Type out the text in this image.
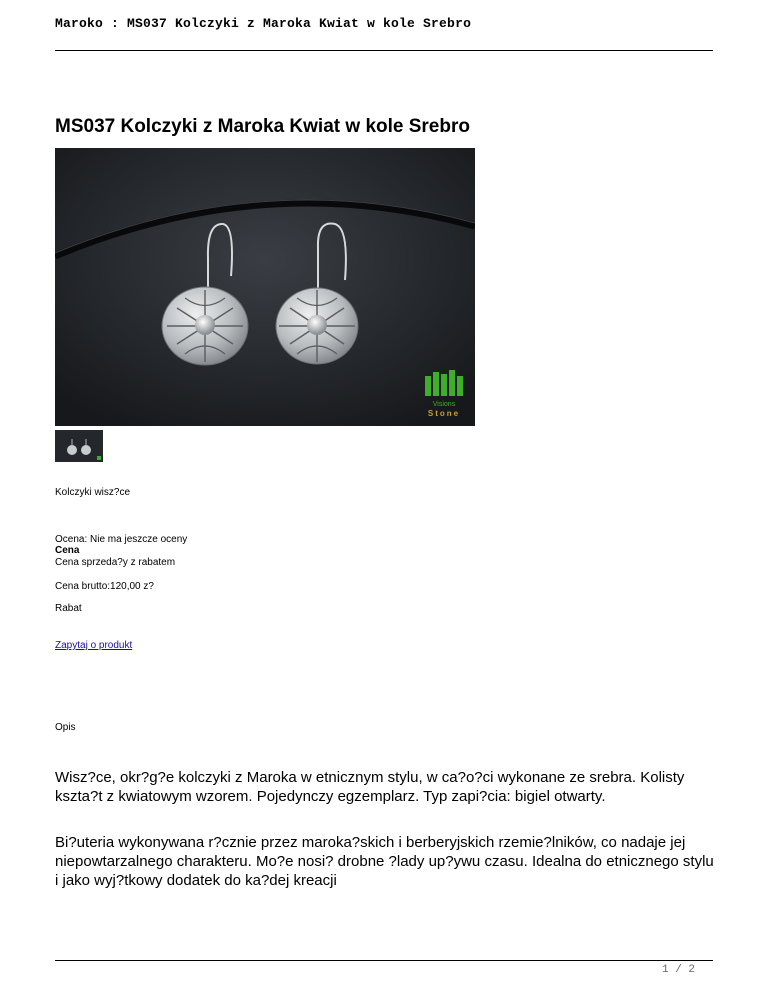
Maroko : MS037 Kolczyki z Maroka Kwiat w kole Srebro
MS037 Kolczyki z Maroka Kwiat w kole Srebro
Visions
Stone
Kolczyki wisz?ce
Ocena: Nie ma jeszcze oceny
Cena
Cena sprzeda?y z rabatem
Cena brutto:120,00 z?
Rabat
Zapytaj o produkt
Opis

Wisz?ce, okr?g?e kolczyki z Maroka w etnicznym stylu, w ca?o?ci wykonane ze srebra. Kolisty kszta?t z kwiatowym wzorem. Pojedynczy egzemplarz. Typ zapi?cia: bigiel otwarty.

Bi?uteria wykonywana r?cznie przez maroka?skich i berberyjskich rzemie?lników, co nadaje jej niepowtarzalnego charakteru. Mo?e nosi? drobne ?lady up?ywu czasu. Idealna do etnicznego stylu i jako wyj?tkowy dodatek do ka?dej kreacji

1 / 2
